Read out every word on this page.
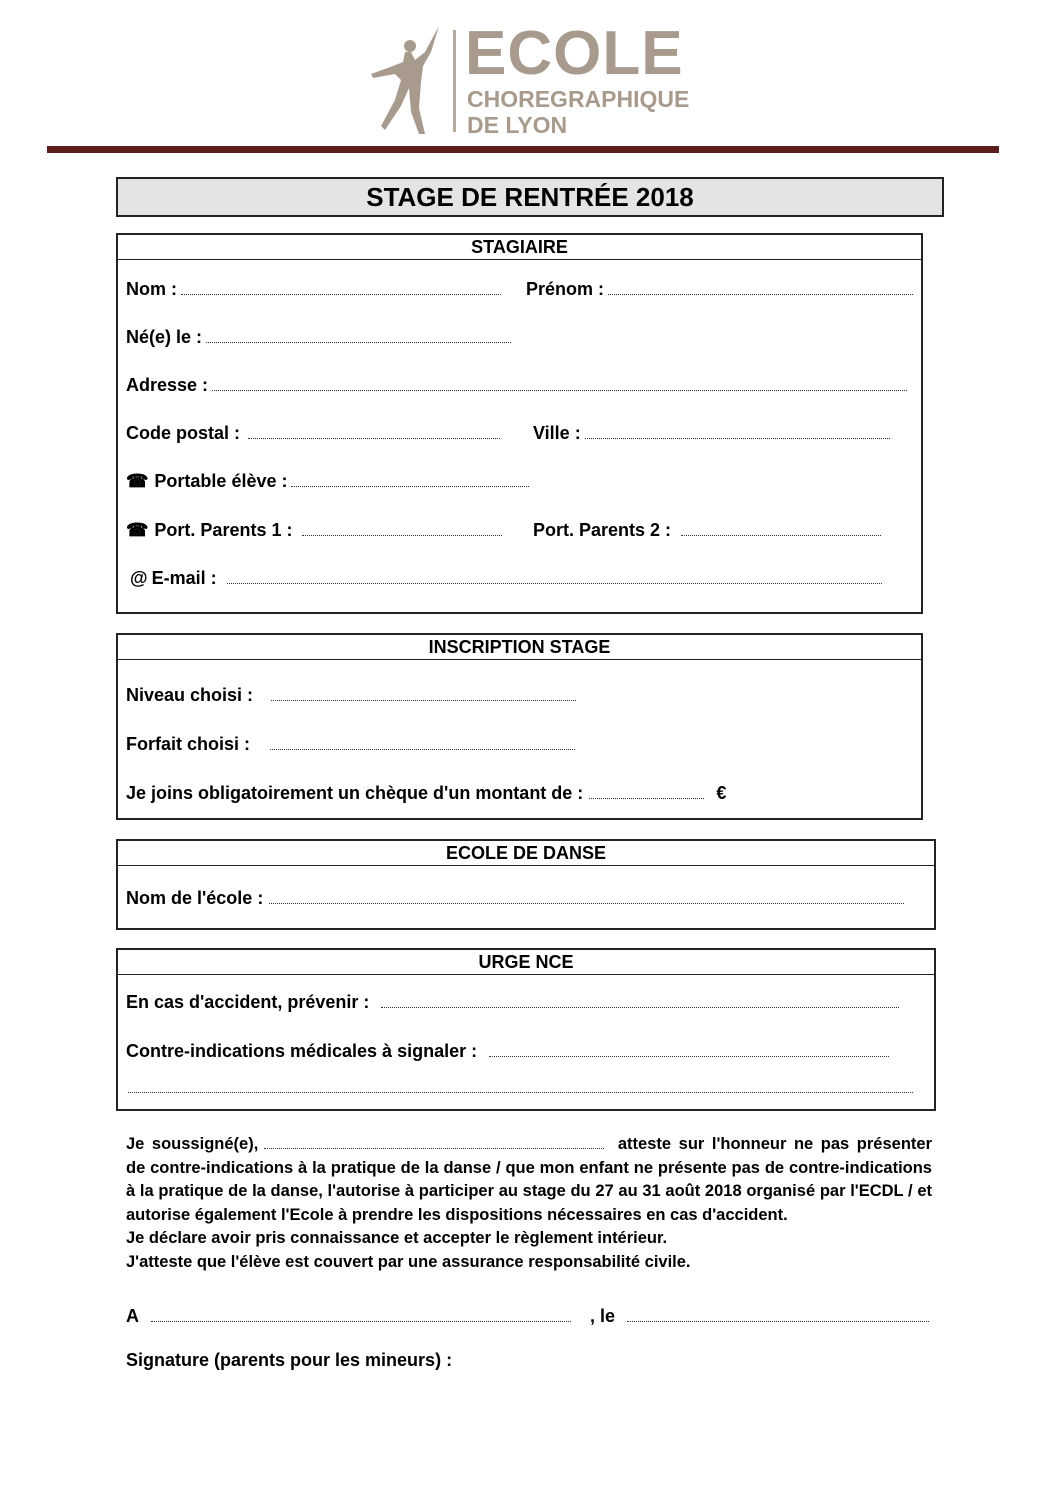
ECOLE
CHOREGRAPHIQUE
DE LYON
STAGE DE RENTRÉE 2018
STAGIAIRE
Nom :	Prénom :
Né(e) le :
Adresse :
Code postal :	Ville :
☎ Portable élève :
☎ Port. Parents 1 :	Port. Parents 2 :
@ E-mail :
INSCRIPTION STAGE
Niveau choisi :
Forfait choisi :
Je joins obligatoirement un chèque d'un montant de :	€
ECOLE DE DANSE
Nom de l'école :
URGE NCE
En cas d'accident, prévenir :
Contre-indications médicales à signaler :

Je soussigné(e),	atteste sur l'honneur ne pas présenter de contre-indications à la pratique de la danse / que mon enfant ne présente pas de contre-indications à la pratique de la danse, l'autorise à participer au stage du 27 au 31 août 2018 organisé par l'ECDL / et autorise également l'Ecole à prendre les dispositions nécessaires en cas d'accident.

Je déclare avoir pris connaissance et accepter le règlement intérieur.

J'atteste que l'élève est couvert par une assurance responsabilité civile.

A	, le
Signature (parents pour les mineurs) :
